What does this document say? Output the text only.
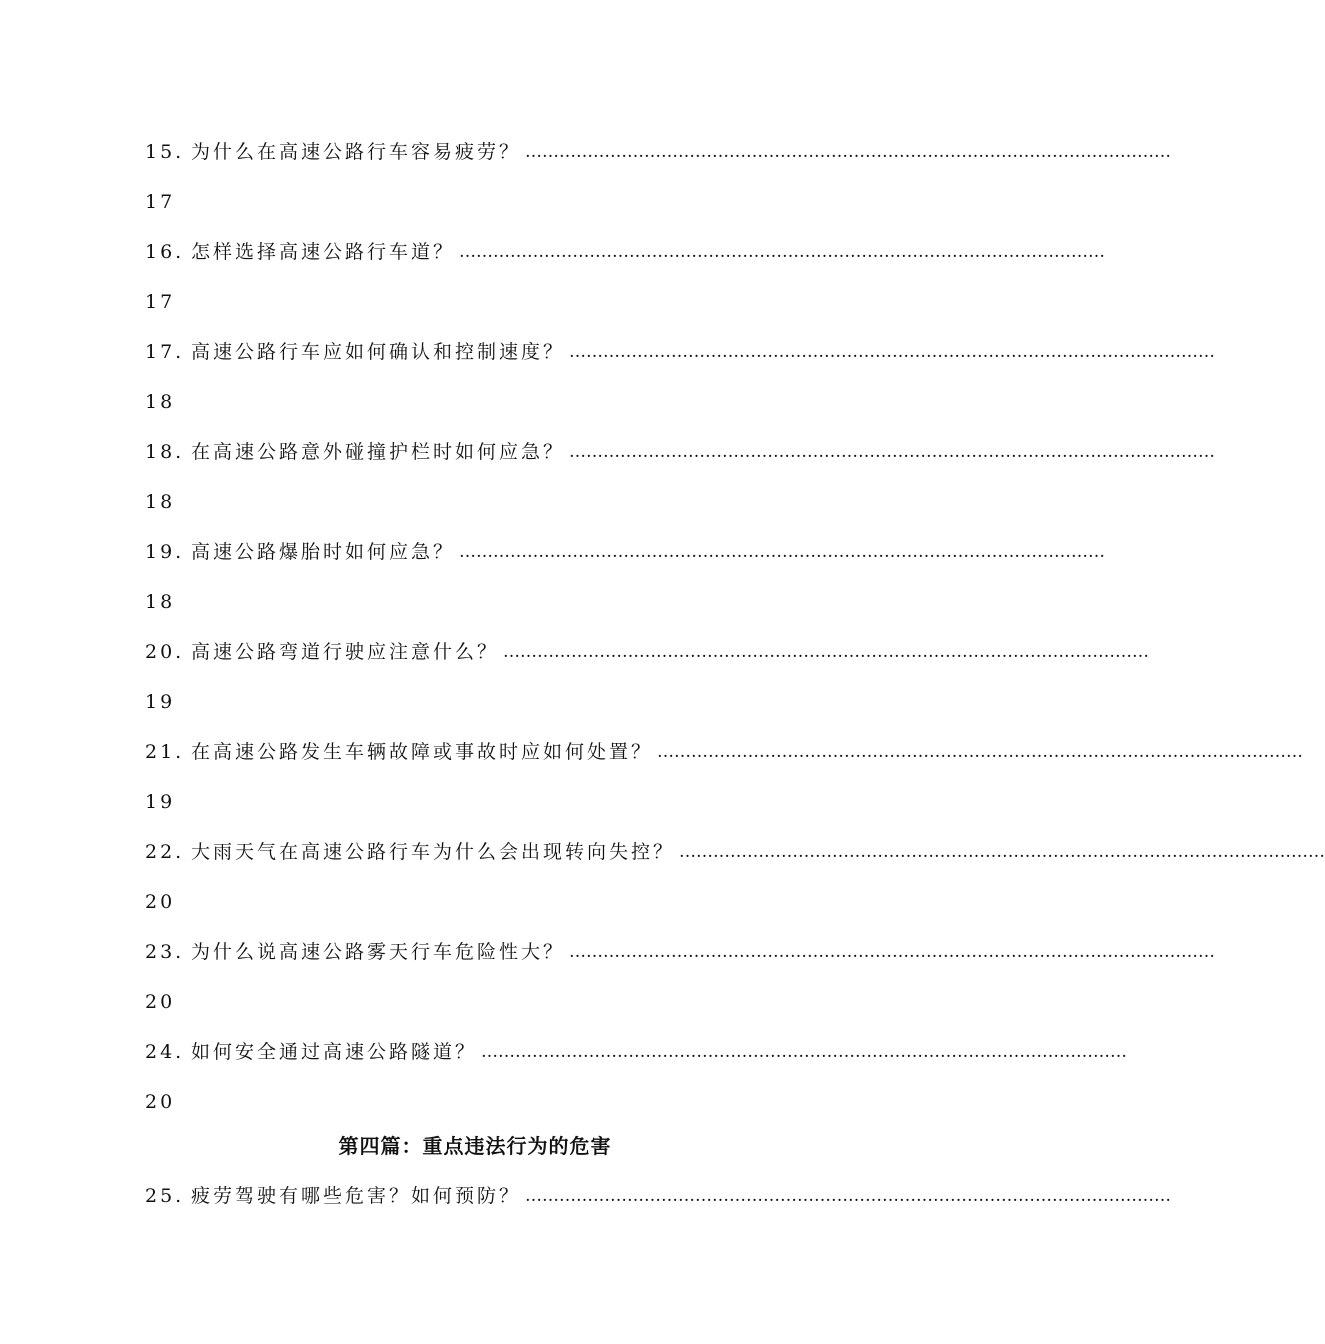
15. 为什么在高速公路行车容易疲劳？ ……………………………………………………………………………………………………
17
16. 怎样选择高速公路行车道？ ……………………………………………………………………………………………………
17
17. 高速公路行车应如何确认和控制速度？ ……………………………………………………………………………………………………
18
18. 在高速公路意外碰撞护栏时如何应急？ ……………………………………………………………………………………………………
18
19. 高速公路爆胎时如何应急？ ……………………………………………………………………………………………………
18
20. 高速公路弯道行驶应注意什么？ ……………………………………………………………………………………………………
19
21. 在高速公路发生车辆故障或事故时应如何处置？ ……………………………………………………………………………………………………
19
22. 大雨天气在高速公路行车为什么会出现转向失控？ ……………………………………………………………………………………………………
20
23. 为什么说高速公路雾天行车危险性大？ ……………………………………………………………………………………………………
20
24. 如何安全通过高速公路隧道？ ……………………………………………………………………………………………………
20
第四篇：重点违法行为的危害
25. 疲劳驾驶有哪些危害？如何预防？ ……………………………………………………………………………………………………
